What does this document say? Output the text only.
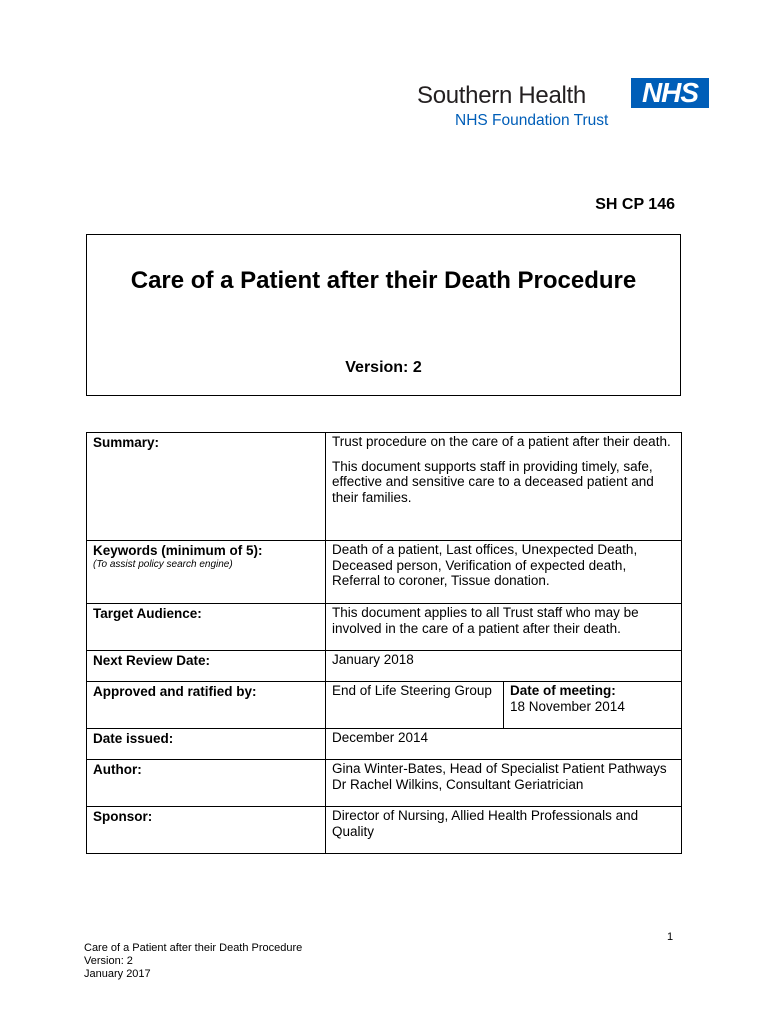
Southern Health	NHS
NHS Foundation Trust
SH CP 146
Care of a Patient after their Death Procedure
Version: 2
Summary:	Trust procedure on the care of a patient after their death.
This document supports staff in providing timely, safe, effective and sensitive care to a deceased patient and their families.	

Keywords (minimum of 5):
(To assist policy search engine)	Death of a patient, Last offices, Unexpected Death, Deceased person, Verification of expected death, Referral to coroner, Tissue donation.	
Target Audience:	This document applies to all Trust staff who may be involved in the care of a patient after their death.	
Next Review Date:	January 2018	
Approved and ratified by:	End of Life Steering Group	Date of meeting:
18 November 2014

Date issued:	December 2014	
Author:	Gina Winter-Bates, Head of Specialist Patient Pathways
Dr Rachel Wilkins, Consultant Geriatrician	

Sponsor:	Director of Nursing, Allied Health Professionals and Quality	
1
Care of a Patient after their Death Procedure
Version: 2
January 2017
